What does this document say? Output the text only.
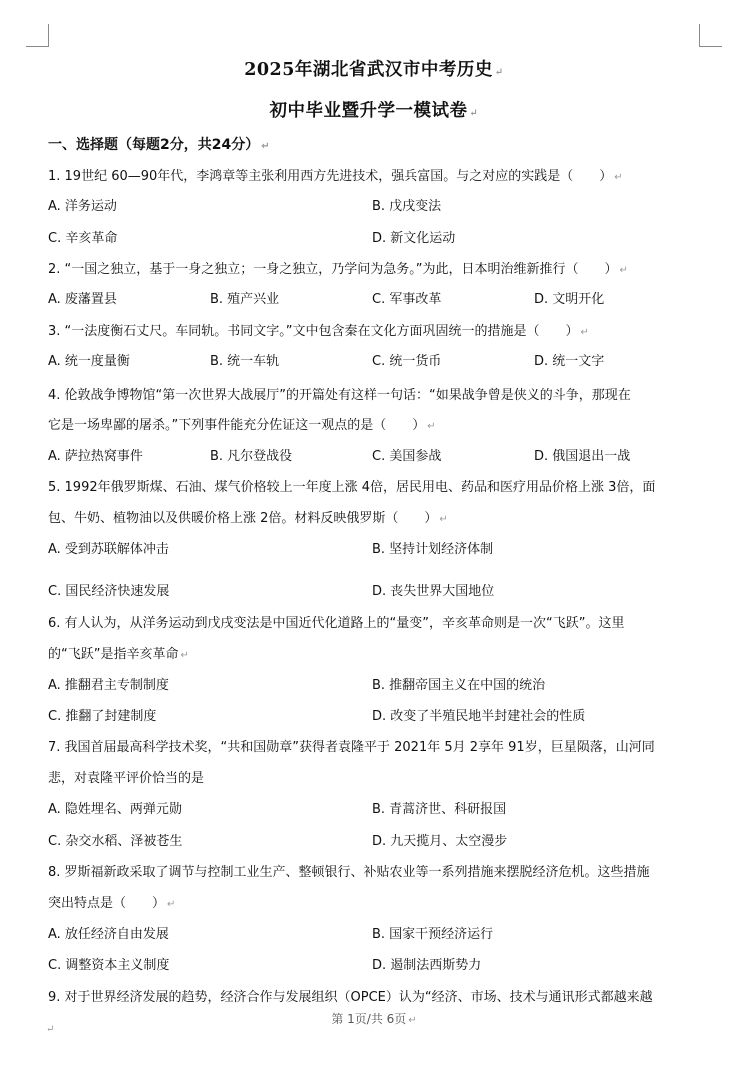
2025年湖北省武汉市中考历史 ↵
初中毕业暨升学一模试卷 ↵
一、选择题（每题2分，共24分） ↵
1. 19世纪 60—90年代，李鸿章等主张利用西方先进技术，强兵富国。与之对应的实践是（　　） ↵
A. 洋务运动	B. 戊戌变法
C. 辛亥革命	D. 新文化运动
2. “一国之独立，基于一身之独立；一身之独立，乃学问为急务。”为此，日本明治维新推行（　　） ↵
A. 废藩置县	B. 殖产兴业	C. 军事改革	D. 文明开化
3. “一法度衡石丈尺。车同轨。书同文字。”文中包含秦在文化方面巩固统一的措施是（　　） ↵
A. 统一度量衡	B. 统一车轨	C. 统一货币	D. 统一文字
4. 伦敦战争博物馆“第一次世界大战展厅”的开篇处有这样一句话：“如果战争曾是侠义的斗争，那现在
它是一场卑鄙的屠杀。”下列事件能充分佐证这一观点的是（　　） ↵
A. 萨拉热窝事件	B. 凡尔登战役	C. 美国参战	D. 俄国退出一战
5. 1992年俄罗斯煤、石油、煤气价格较上一年度上涨 4倍，居民用电、药品和医疗用品价格上涨 3倍，面
包、牛奶、植物油以及供暖价格上涨 2倍。材料反映俄罗斯（　　） ↵
A. 受到苏联解体冲击	B. 坚持计划经济体制
C. 国民经济快速发展	D. 丧失世界大国地位
6. 有人认为，从洋务运动到戊戌变法是中国近代化道路上的“量变”，辛亥革命则是一次“飞跃”。这里
的“飞跃”是指辛亥革命 ↵
A. 推翻君主专制制度	B. 推翻帝国主义在中国的统治
C. 推翻了封建制度	D. 改变了半殖民地半封建社会的性质
7. 我国首届最高科学技术奖，“共和国勋章”获得者袁隆平于 2021年 5月 2享年 91岁，巨星陨落，山河同
悲，对袁隆平评价恰当的是
A. 隐姓埋名、两弹元勋	B. 青蒿济世、科研报国
C. 杂交水稻、泽被苍生	D. 九天揽月、太空漫步
8. 罗斯福新政采取了调节与控制工业生产、整顿银行、补贴农业等一系列措施来摆脱经济危机。这些措施
突出特点是（　　） ↵
A. 放任经济自由发展	B. 国家干预经济运行
C. 调整资本主义制度	D. 遏制法西斯势力
9. 对于世界经济发展的趋势，经济合作与发展组织（OPCE）认为“经济、市场、技术与通讯形式都越来越
第 1页/共 6页 ↵
↵
